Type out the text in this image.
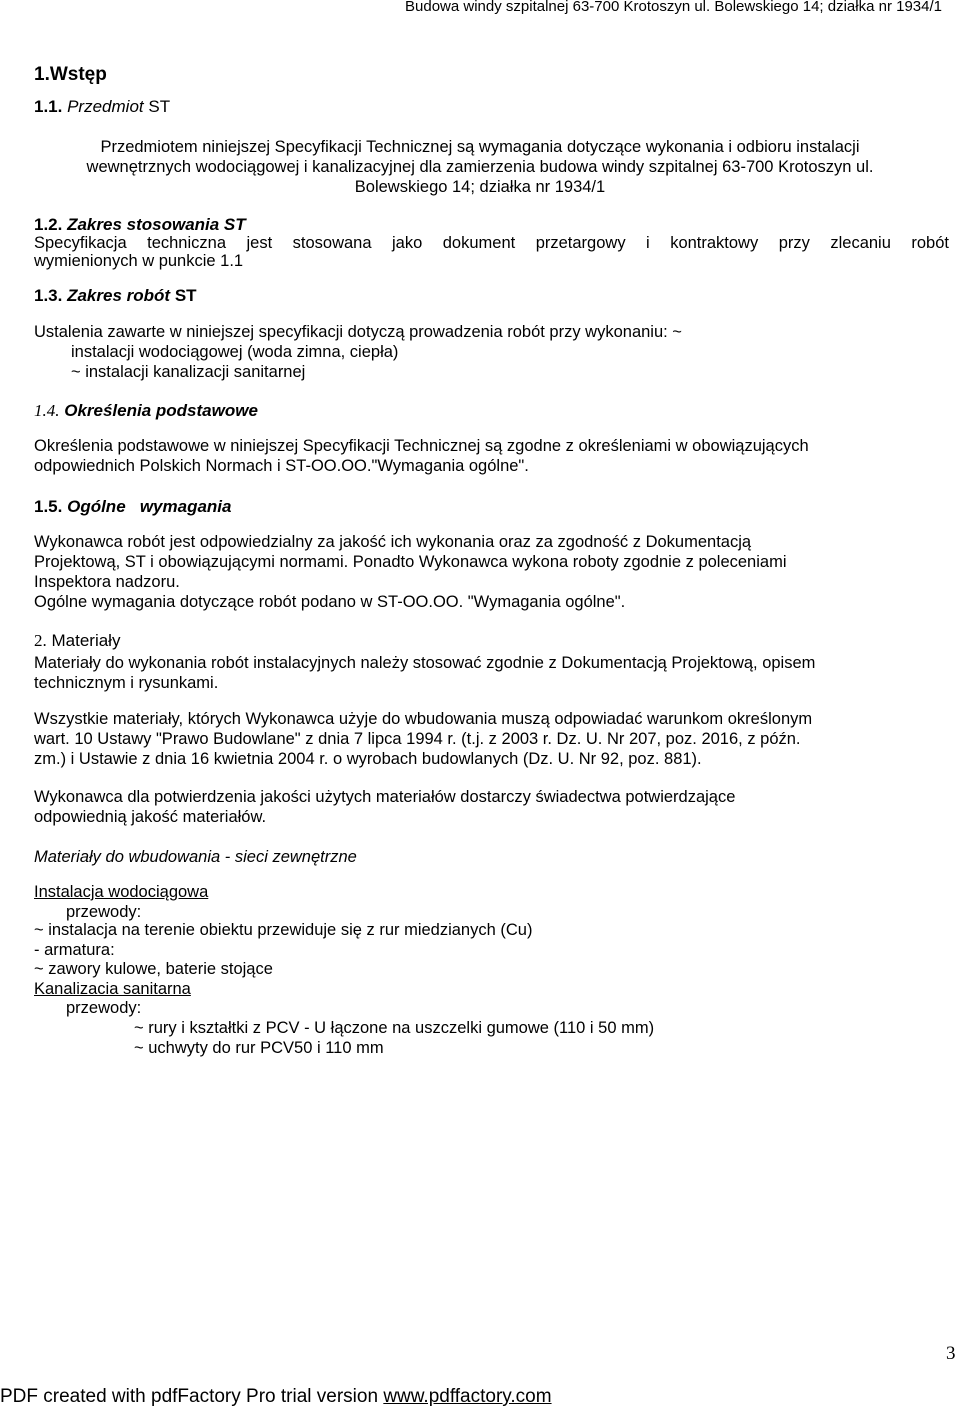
Budowa windy szpitalnej 63-700 Krotoszyn ul. Bolewskiego 14; działka nr 1934/1
1.Wstęp
1.1. Przedmiot ST
Przedmiotem niniejszej Specyfikacji Technicznej są wymagania dotyczące wykonania i odbioru instalacji
wewnętrznych wodociągowej i kanalizacyjnej dla zamierzenia budowa windy szpitalnej 63-700 Krotoszyn ul.
Bolewskiego 14; działka nr 1934/1
1.2. Zakres stosowania ST
Specyfikacja techniczna jest stosowana jako dokument przetargowy i kontraktowy przy zlecaniu robót
wymienionych w punkcie 1.1
1.3. Zakres robót ST
Ustalenia zawarte w niniejszej specyfikacji dotyczą prowadzenia robót przy wykonaniu: ~
instalacji wodociągowej (woda zimna, ciepła)
~ instalacji kanalizacji sanitarnej
1.4. Określenia podstawowe
Określenia podstawowe w niniejszej Specyfikacji Technicznej są zgodne z określeniami w obowiązujących
odpowiednich Polskich Normach i ST-OO.OO."Wymagania ogólne".
1.5. Ogólne   wymagania
Wykonawca robót jest odpowiedzialny za jakość ich wykonania oraz za zgodność z Dokumentacją
Projektową, ST i obowiązującymi normami. Ponadto Wykonawca wykona roboty zgodnie z poleceniami
Inspektora nadzoru.
Ogólne wymagania dotyczące robót podano w ST-OO.OO. "Wymagania ogólne".
2. Materiały
Materiały do wykonania robót instalacyjnych należy stosować zgodnie z Dokumentacją Projektową, opisem
technicznym i rysunkami.
Wszystkie materiały, których Wykonawca użyje do wbudowania muszą odpowiadać warunkom określonym
wart. 10 Ustawy "Prawo Budowlane" z dnia 7 lipca 1994 r. (t.j. z 2003 r. Dz. U. Nr 207, poz. 2016, z późn.
zm.) i Ustawie z dnia 16 kwietnia 2004 r. o wyrobach budowlanych (Dz. U. Nr 92, poz. 881).
Wykonawca dla potwierdzenia jakości użytych materiałów dostarczy świadectwa potwierdzające
odpowiednią jakość materiałów.
Materiały do wbudowania - sieci zewnętrzne
Instalacja wodociągowa
przewody:
~ instalacja na terenie obiektu przewiduje się z rur miedzianych (Cu)
- armatura:
~ zawory kulowe, baterie stojące
Kanalizacia sanitarna
przewody:
~ rury i kształtki z PCV - U łączone na uszczelki gumowe (110 i 50 mm)
~ uchwyty do rur PCV50 i 110 mm
3
PDF created with pdfFactory Pro trial version www.pdffactory.com
